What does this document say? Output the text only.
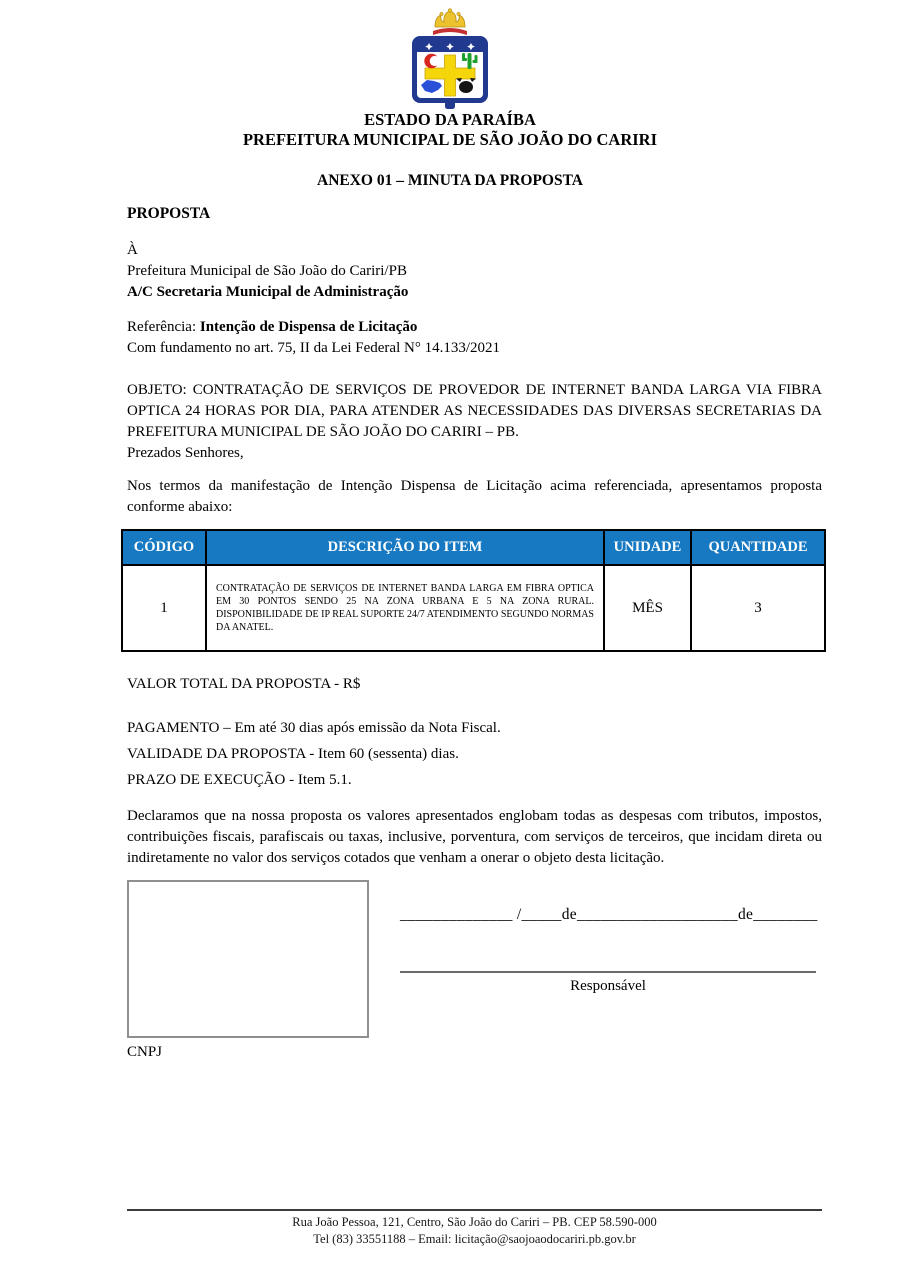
ESTADO DA PARAÍBA
PREFEITURA MUNICIPAL DE SÃO JOÃO DO CARIRI
ANEXO 01 – MINUTA DA PROPOSTA
PROPOSTA
À
Prefeitura Municipal de São João do Cariri/PB
A/C Secretaria Municipal de Administração
Referência: Intenção de Dispensa de Licitação
Com fundamento no art. 75, II da Lei Federal N° 14.133/2021
OBJETO: CONTRATAÇÃO DE SERVIÇOS DE PROVEDOR DE INTERNET BANDA LARGA VIA FIBRA OPTICA 24 HORAS POR DIA, PARA ATENDER AS NECESSIDADES DAS DIVERSAS SECRETARIAS DA PREFEITURA MUNICIPAL DE SÃO JOÃO DO CARIRI – PB.
Prezados Senhores,
Nos termos da manifestação de Intenção Dispensa de Licitação acima referenciada, apresentamos proposta conforme abaixo:
CÓDIGO	DESCRIÇÃO DO ITEM	UNIDADE	QUANTIDADE
1	CONTRATAÇÃO DE SERVIÇOS DE INTERNET BANDA LARGA EM FIBRA OPTICA EM 30 PONTOS SENDO 25 NA ZONA URBANA E 5 NA ZONA RURAL. DISPONIBILIDADE DE IP REAL SUPORTE 24/7 ATENDIMENTO SEGUNDO NORMAS DA ANATEL.	MÊS	3
VALOR TOTAL DA PROPOSTA - R$
PAGAMENTO – Em até 30 dias após emissão da Nota Fiscal.
VALIDADE DA PROPOSTA - Item 60 (sessenta) dias.
PRAZO DE EXECUÇÃO - Item 5.1.
Declaramos que na nossa proposta os valores apresentados englobam todas as despesas com tributos, impostos, contribuições fiscais, parafiscais ou taxas, inclusive, porventura, com serviços de terceiros, que incidam direta ou indiretamente no valor dos serviços cotados que venham a onerar o objeto desta licitação.
______________ /_____de____________________de________
Responsável
CNPJ
Rua João Pessoa, 121, Centro, São João do Cariri – PB. CEP 58.590-000
Tel (83) 33551188 – Email: licitação@saojoaodocariri.pb.gov.br
